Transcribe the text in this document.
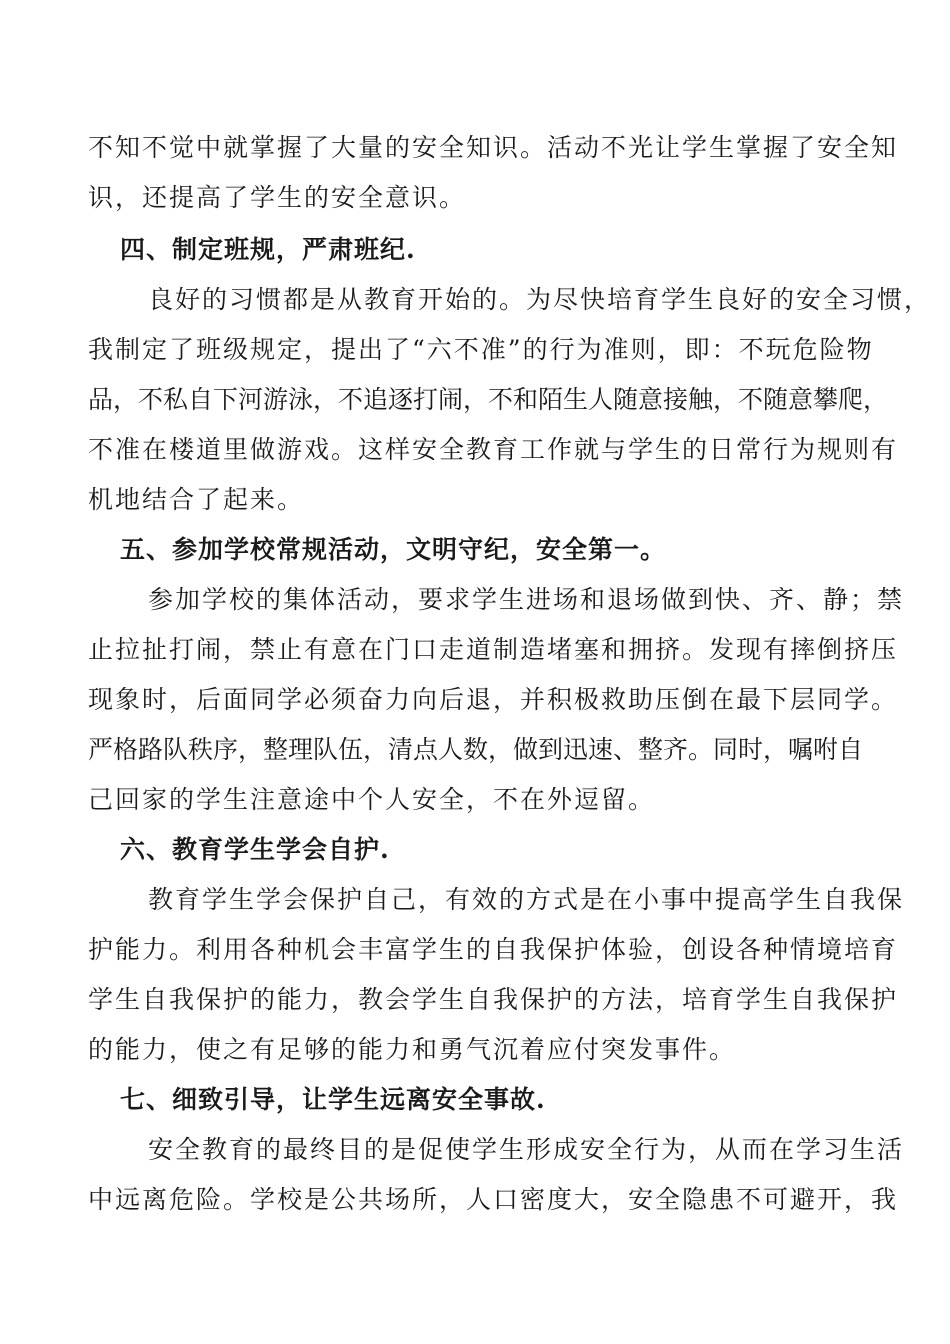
不知不觉中就掌握了大量的安全知识。活动不光让学生掌握了安全知
识，还提高了学生的安全意识。
四、制定班规，严肃班纪.
良好的习惯都是从教育开始的。为尽快培育学生良好的安全习惯，
我制定了班级规定，提出了“六不准”的行为准则，即：不玩危险物
品，不私自下河游泳，不追逐打闹，不和陌生人随意接触，不随意攀爬，
不准在楼道里做游戏。这样安全教育工作就与学生的日常行为规则有
机地结合了起来。
五、参加学校常规活动，文明守纪，安全第一。
参加学校的集体活动，要求学生进场和退场做到快、齐、静；禁
止拉扯打闹，禁止有意在门口走道制造堵塞和拥挤。发现有摔倒挤压
现象时，后面同学必须奋力向后退，并积极救助压倒在最下层同学。
严格路队秩序，整理队伍，清点人数，做到迅速、整齐。同时，嘱咐自
己回家的学生注意途中个人安全，不在外逗留。
六、教育学生学会自护.
教育学生学会保护自己，有效的方式是在小事中提高学生自我保
护能力。利用各种机会丰富学生的自我保护体验，创设各种情境培育
学生自我保护的能力，教会学生自我保护的方法，培育学生自我保护
的能力，使之有足够的能力和勇气沉着应付突发事件。
七、细致引导，让学生远离安全事故.
安全教育的最终目的是促使学生形成安全行为，从而在学习生活
中远离危险。学校是公共场所，人口密度大，安全隐患不可避开，我
